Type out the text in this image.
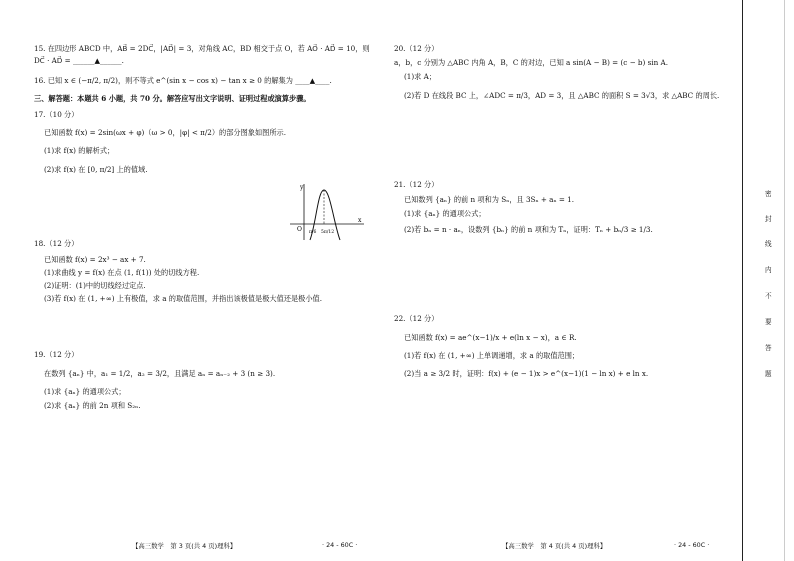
15. 在四边形 ABCD 中，AB⃗ = 2DC⃗，|AD⃗| = 3，对角线 AC，BD 相交于点 O，若 AO⃗ · AD⃗ = 10，则
DC⃗ · AD⃗ = ______▲______.
16. 已知 x ∈ (−π/2, π/2)，则不等式 e^(sin x − cos x) − tan x ≥ 0 的解集为 ____▲____.
三、解答题：本题共 6 小题，共 70 分。解答应写出文字说明、证明过程或演算步骤。
17.（10 分）
已知函数 f(x) = 2sin(ωx + φ)（ω > 0，|φ| < π/2）的部分图象如图所示.
(1)求 f(x) 的解析式；
(2)求 f(x) 在 [0, π/2] 上的值域.
y
x
O π/6 5π/12
18.（12 分）
已知函数 f(x) = 2x³ − ax + 7.
(1)求曲线 y = f(x) 在点 (1, f(1)) 处的切线方程.
(2)证明：(1)中的切线经过定点.
(3)若 f(x) 在 (1, +∞) 上有极值，求 a 的取值范围，并指出该极值是极大值还是极小值.
19.（12 分）
在数列 {aₙ} 中，a₁ = 1/2，a₂ = 3/2，且满足 aₙ = aₙ₋₂ + 3 (n ≥ 3).
(1)求 {aₙ} 的通项公式；
(2)求 {aₙ} 的前 2n 项和 S₂ₙ.
【高三数学　第 3 页(共 4 页)理科】	· 24 - 60C ·
20.（12 分）
a，b，c 分别为 △ABC 内角 A，B，C 的对边，已知 a sin(A − B) = (c − b) sin A.
(1)求 A；
(2)若 D 在线段 BC 上，∠ADC = π/3，AD = 3，且 △ABC 的面积 S = 3√3，求 △ABC 的周长.
21.（12 分）
已知数列 {aₙ} 的前 n 项和为 Sₙ，且 3Sₙ + aₙ = 1.
(1)求 {aₙ} 的通项公式；
(2)若 bₙ = n · aₙ，设数列 {bₙ} 的前 n 项和为 Tₙ，证明：Tₙ + bₙ/3 ≥ 1/3.
22.（12 分）
已知函数 f(x) = ae^(x−1)/x + e(ln x − x)，a ∈ R.
(1)若 f(x) 在 (1, +∞) 上单调递增，求 a 的取值范围；
(2)当 a ≥ 3/2 时，证明：f(x) + (e − 1)x > e^(x−1)(1 − ln x) + e ln x.
【高三数学　第 4 页(共 4 页)理科】	· 24 - 60C ·
密
封
线
内
不
要
答
题
